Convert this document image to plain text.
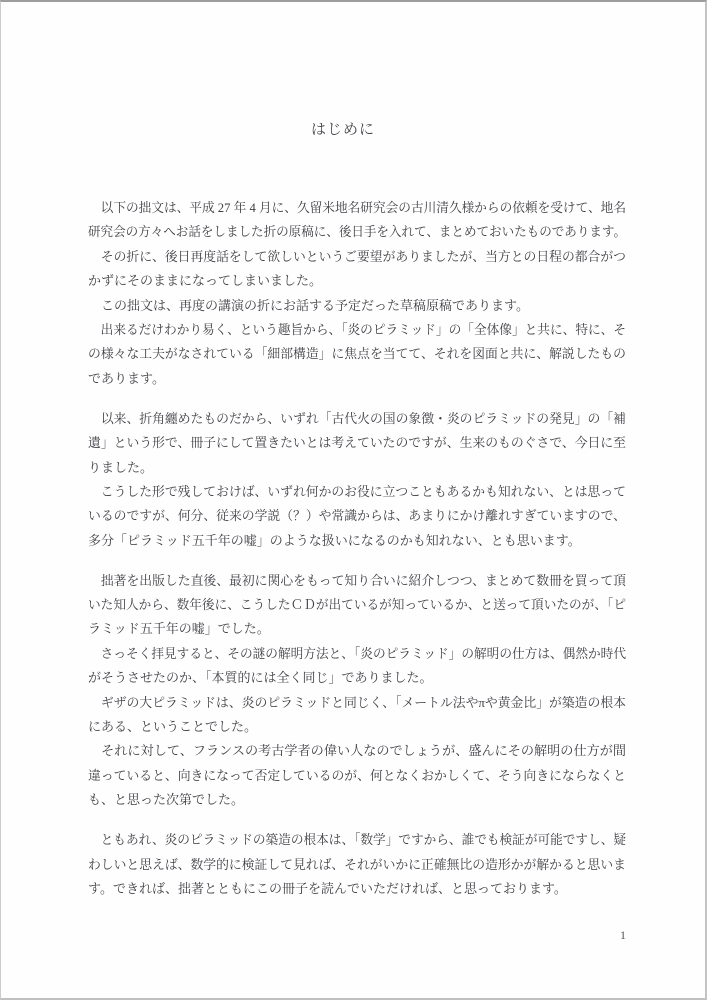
はじめに
　以下の拙文は、平成 27 年 4 月に、久留米地名研究会の古川清久様からの依頼を受けて、地名
研究会の方々へお話をしました折の原稿に、後日手を入れて、まとめておいたものであります。
　その折に、後日再度話をして欲しいというご要望がありましたが、当方との日程の都合がつ
かずにそのままになってしまいました。
　この拙文は、再度の講演の折にお話する予定だった草稿原稿であります。
　出来るだけわかり易く、という趣旨から、「炎のピラミッド」の「全体像」と共に、特に、そ
の様々な工夫がなされている「細部構造」に焦点を当てて、それを図面と共に、解説したもの
であります。
　以来、折角纏めたものだから、いずれ「古代火の国の象徴・炎のピラミッドの発見」の「補
遺」という形で、冊子にして置きたいとは考えていたのですが、生来のものぐさで、今日に至
りました。
　こうした形で残しておけば、いずれ何かのお役に立つこともあるかも知れない、とは思って
いるのですが、何分、従来の学説（？）や常識からは、あまりにかけ離れすぎていますので、
多分「ピラミッド五千年の嘘」のような扱いになるのかも知れない、とも思います。
　拙著を出版した直後、最初に関心をもって知り合いに紹介しつつ、まとめて数冊を買って頂
いた知人から、数年後に、こうしたＣＤが出ているが知っているか、と送って頂いたのが、「ピ
ラミッド五千年の嘘」でした。
　さっそく拝見すると、その謎の解明方法と、「炎のピラミッド」の解明の仕方は、偶然か時代
がそうさせたのか、「本質的には全く同じ」でありました。
　ギザの大ピラミッドは、炎のピラミッドと同じく、「メートル法やπや黄金比」が築造の根本
にある、ということでした。
　それに対して、フランスの考古学者の偉い人なのでしょうが、盛んにその解明の仕方が間
違っていると、向きになって否定しているのが、何となくおかしくて、そう向きにならなくと
も、と思った次第でした。
　ともあれ、炎のピラミッドの築造の根本は、「数学」ですから、誰でも検証が可能ですし、疑
わしいと思えば、数学的に検証して見れば、それがいかに正確無比の造形かが解かると思いま
す。できれば、拙著とともにこの冊子を読んでいただければ、と思っております。
1
